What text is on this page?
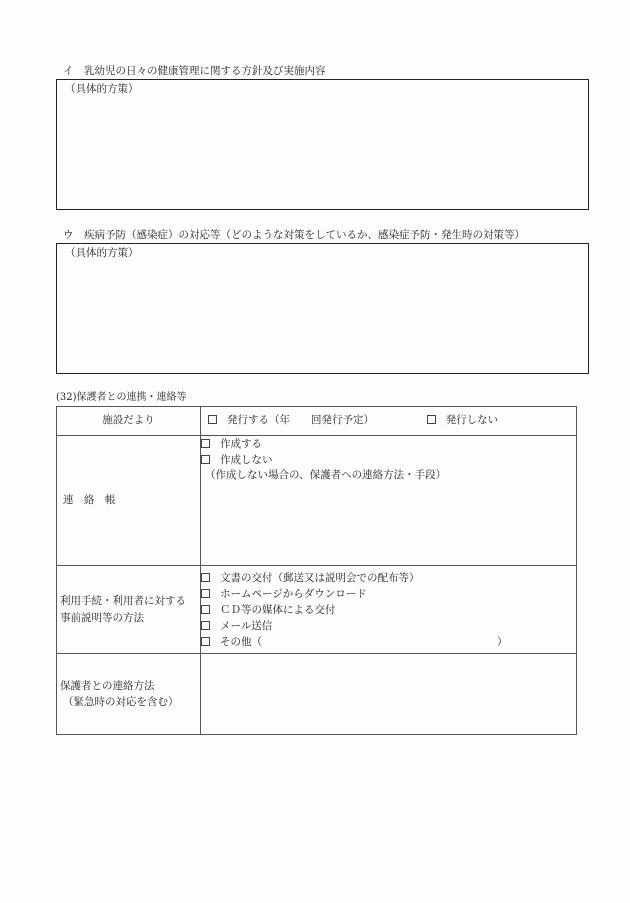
イ　乳幼児の日々の健康管理に関する方針及び実施内容
（具体的方策）
ウ　疾病予防（感染症）の対応等（どのような対策をしているか、感染症予防・発生時の対策等）
（具体的方策）
(32)保護者との連携・連絡等
施設だより	発行する（年　　回発行予定） 発行しない

連　絡　帳	作成する
作成しない
（作成しない場合の、保護者への連絡方法・手段）

利用手続・利用者に対する
事前説明等の方法	文書の交付（郵送又は説明会での配布等）
ホームページからダウンロード
ＣＤ等の媒体による交付
メール送信
その他（ ）

保護者との連絡方法
（緊急時の対応を含む）	
